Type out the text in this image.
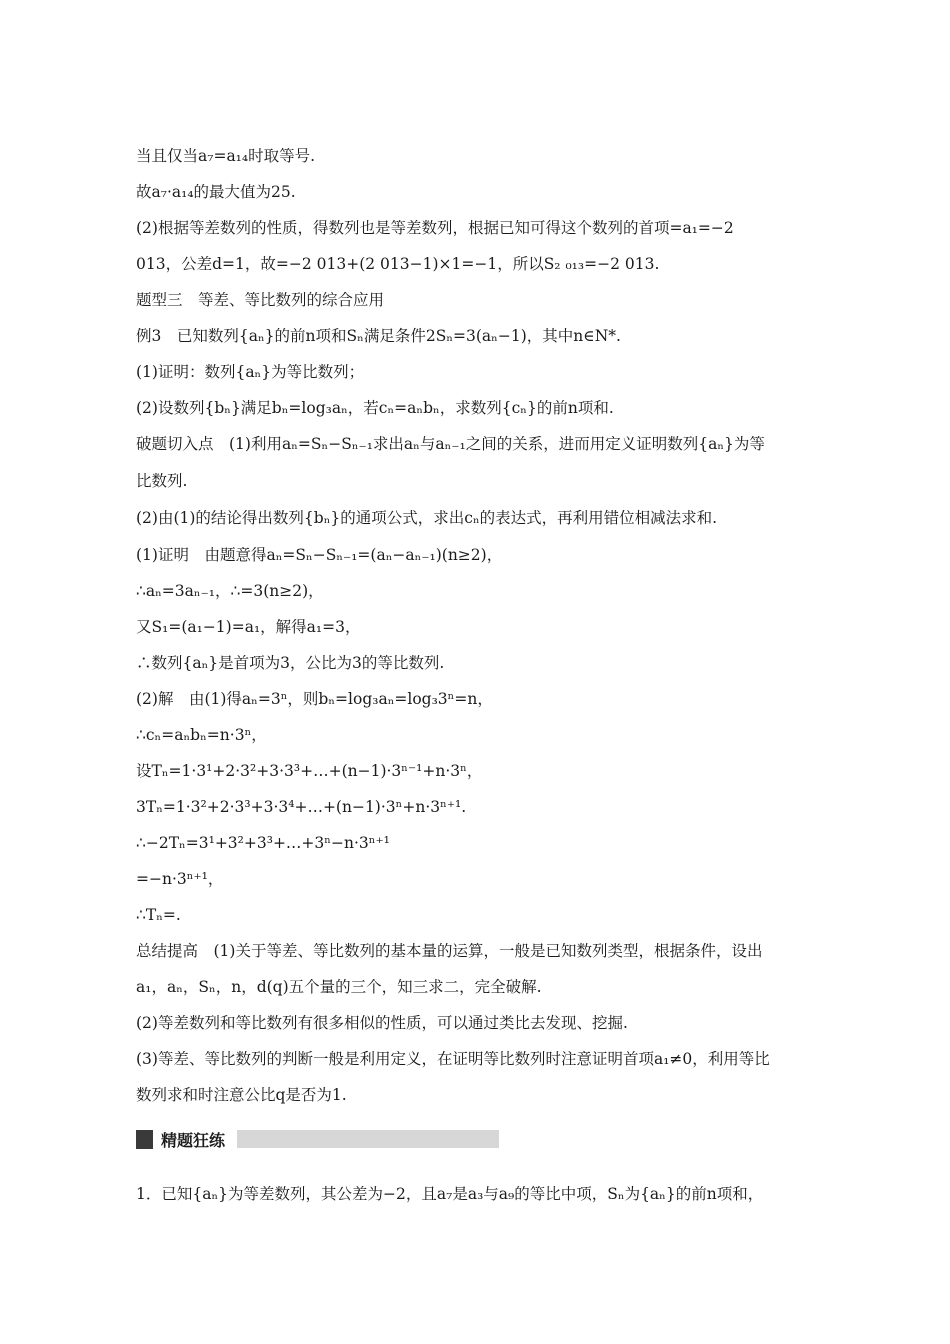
当且仅当a₇=a₁₄时取等号.
故a₇·a₁₄的最大值为25.
(2)根据等差数列的性质，得数列也是等差数列，根据已知可得这个数列的首项=a₁=−2
013，公差d=1，故=−2 013+(2 013−1)×1=−1，所以S₂ ₀₁₃=−2 013.
题型三　等差、等比数列的综合应用
例3　已知数列{aₙ}的前n项和Sₙ满足条件2Sₙ=3(aₙ−1)，其中n∈N*.
(1)证明：数列{aₙ}为等比数列；
(2)设数列{bₙ}满足bₙ=log₃aₙ，若cₙ=aₙbₙ，求数列{cₙ}的前n项和.
破题切入点　(1)利用aₙ=Sₙ−Sₙ₋₁求出aₙ与aₙ₋₁之间的关系，进而用定义证明数列{aₙ}为等
比数列.
(2)由(1)的结论得出数列{bₙ}的通项公式，求出cₙ的表达式，再利用错位相减法求和.
(1)证明　由题意得aₙ=Sₙ−Sₙ₋₁=(aₙ−aₙ₋₁)(n≥2)，
∴aₙ=3aₙ₋₁，∴=3(n≥2)，
又S₁=(a₁−1)=a₁，解得a₁=3，
∴数列{aₙ}是首项为3，公比为3的等比数列.
(2)解　由(1)得aₙ=3ⁿ，则bₙ=log₃aₙ=log₃3ⁿ=n，
∴cₙ=aₙbₙ=n·3ⁿ，
设Tₙ=1·3¹+2·3²+3·3³+…+(n−1)·3ⁿ⁻¹+n·3ⁿ，
3Tₙ=1·3²+2·3³+3·3⁴+…+(n−1)·3ⁿ+n·3ⁿ⁺¹.
∴−2Tₙ=3¹+3²+3³+…+3ⁿ−n·3ⁿ⁺¹
=−n·3ⁿ⁺¹，
∴Tₙ=.
总结提高　(1)关于等差、等比数列的基本量的运算，一般是已知数列类型，根据条件，设出
a₁，aₙ，Sₙ，n，d(q)五个量的三个，知三求二，完全破解.
(2)等差数列和等比数列有很多相似的性质，可以通过类比去发现、挖掘.
(3)等差、等比数列的判断一般是利用定义，在证明等比数列时注意证明首项a₁≠0，利用等比
数列求和时注意公比q是否为1.
精题狂练
1．已知{aₙ}为等差数列，其公差为−2，且a₇是a₃与a₉的等比中项，Sₙ为{aₙ}的前n项和，
